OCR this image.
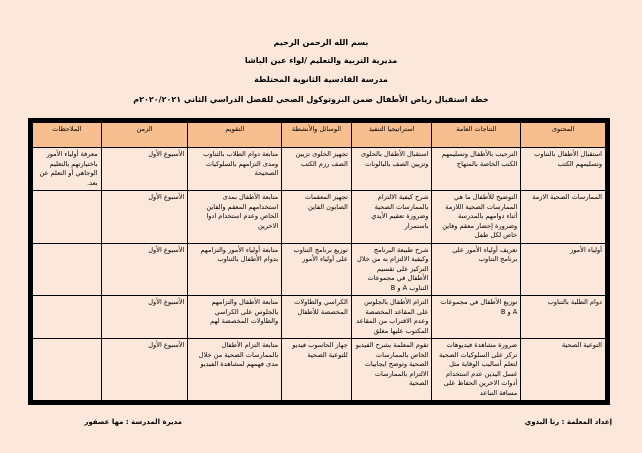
بسم الله الرحمن الرحيم
مديرية التربية والتعليم /لواء عين الباشا
مدرسة القادسية الثانوية المختلطة
خطة استقبال رياض الأطفال ضمن البروتوكول الصحي للفصل الدراسي الثاني ٢٠٢٠/٢٠٢١م
المحتوى	النتاجات العامة	استراتيجيا التنفيذ	الوسائل والأنشطة	التقويم	الزمن	الملاحظات
استقبال الأطفال بالتناوب وتسليمهم الكتب	الترحيب بالأطفال وتسليمهم الكتب الخاصة بالمنهاج	استقبال الأطفال بالحلوى وتزيين الصف بالبالونات	تجهيز الحلوى تزيين الصف رزم الكتب	متابعة دوام الطلاب بالتناوب ومدى التزامهم بالسلوكيات الصحيحة	الأسبوع الأول	معرفة أولياء الأمور باختيارتهم بالتعليم الوجاهي أو التعلم عن بعد.
الممارسات الصحية الازمة	التوضيح للأطفال ما هي الممارسات الصحية اللازمة أثناء دوامهم بالمدرسة وضرورة إحضار معقم وفاين خاص لكل طفل	شرح كيفية الالتزام بالممارسات الصحية وضرورة تعقيم الأيدي باستمرار	تجهيز المعقمات الصابون الفاين	متابعة الأطفال بمدى استخدامهم المعقم والفاين الخاص وعدم استخدام ادوا الاخرين	الأسبوع الأول	
أولياء الأمور	تعريف أولياء الأمور على برنامج التناوب	شرح طبيعة البرنامج وكيفية الالتزام به من خلال التركيز على تقسيم الأطفال في مجموعات التناوب A و B	توزيع برنامج التناوب على أولياء الأمور	متابعة أولياء الأمور والتزامهم بدوام الأطفال بالتناوب	الأسبوع الأول	
دوام الطلبة بالتناوب	توزيع الأطفال في مجموعات A و B	التزام الأطفال بالجلوس على المقاعد المخصصة وعدم الاقتراب من المقاعد المكتوب عليها مغلق	الكراسي والطاولات المخصصة للأطفال	متابعة الأطفال والتزامهم بالجلوس على الكراسي والطاولات المخصصة لهم	الأسبوع الأول	
التوعية الصحية	ضرورة مشاهدة فيديوهات تركز على السلوكيات الصحية لتعلم أساليب الوقاية مثل غسل اليدين عدم استخدام أدوات الاخرين الحفاظ على مسافة التباعد	تقوم المعلمة بشرح الفيديو الخاص بالممارسات الصحية وتوضح ايجابيات الالتزام بالممارسات الصحية	جهاز الحاسوب فيديو للتوعية الصحية	متابعة التزام الأطفال بالممارسات الصحية من خلال مدى فهمهم لمشاهدة الفيديو	الأسبوع الأول	
إعداد المعلمة : رنا البدوي
مديرة المدرسة : مها عصفور
